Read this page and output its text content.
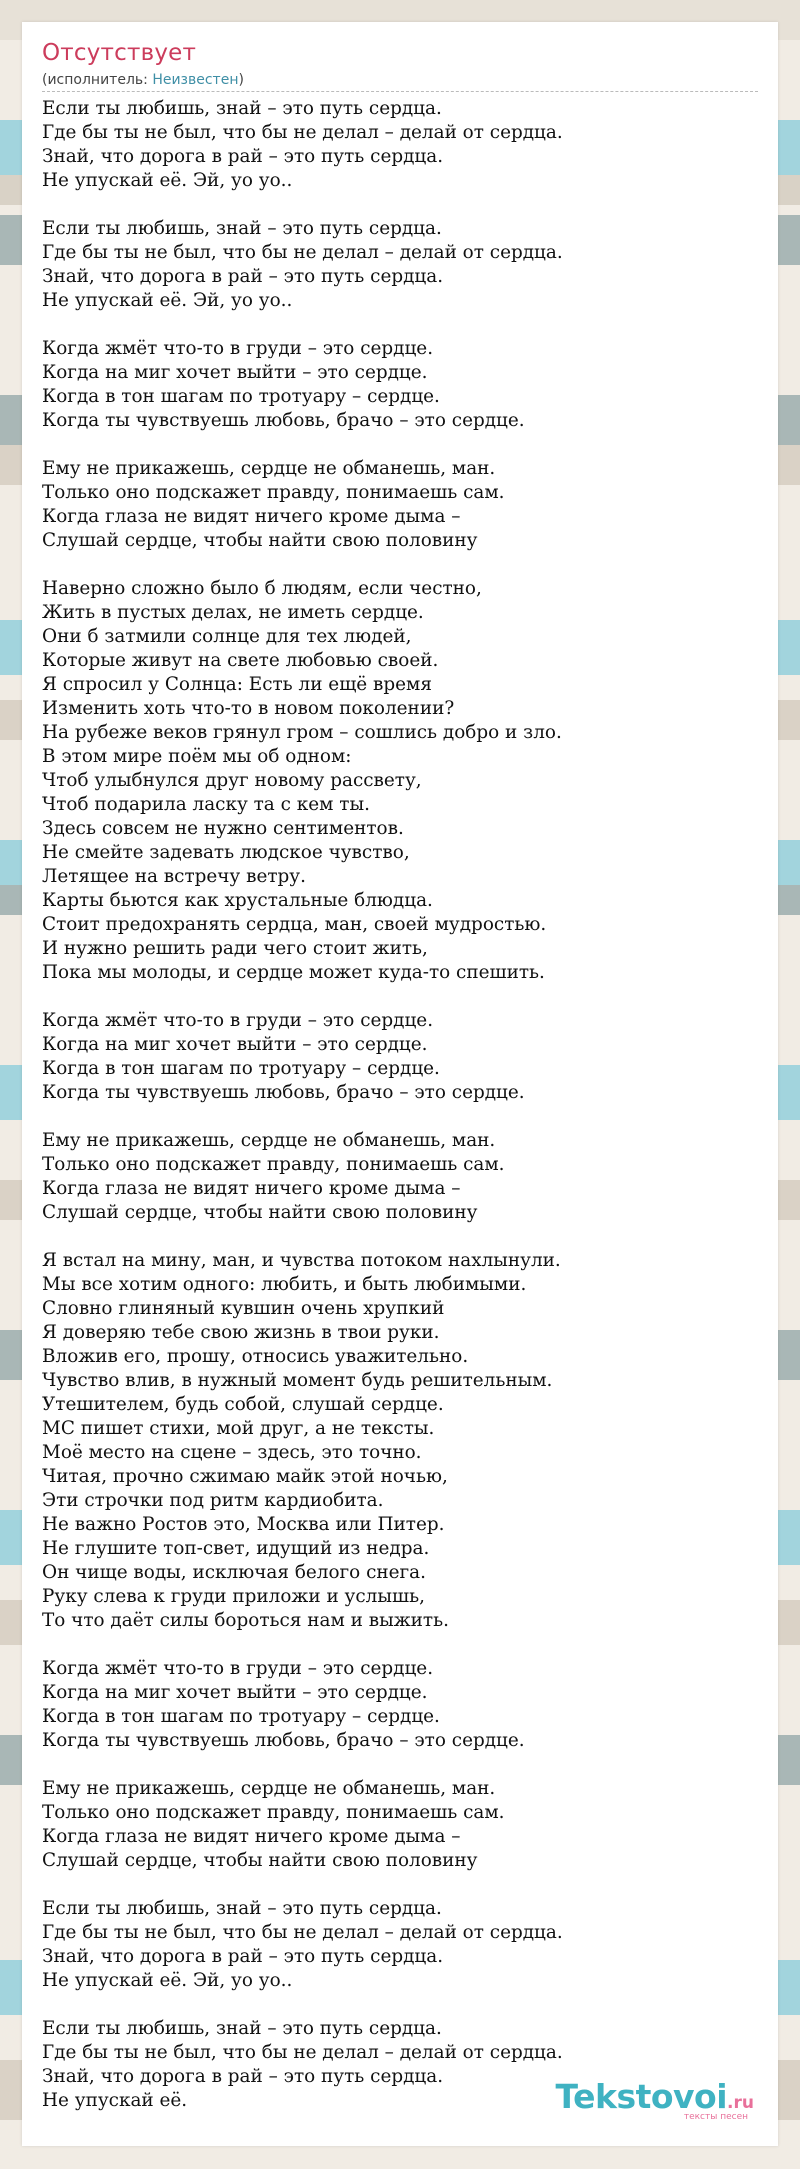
Отсутствует
(исполнитель: Неизвестен)
Если ты любишь, знай – это путь сердца.
Где бы ты не был, что бы не делал – делай от сердца.
Знай, что дорога в рай – это путь сердца.
Не упускай её. Эй, уо уо..

Если ты любишь, знай – это путь сердца.
Где бы ты не был, что бы не делал – делай от сердца.
Знай, что дорога в рай – это путь сердца.
Не упускай её. Эй, уо уо..

Когда жмёт что-то в груди – это сердце.
Когда на миг хочет выйти – это сердце.
Когда в тон шагам по тротуару – сердце.
Когда ты чувствуешь любовь, брачо – это сердце.

Ему не прикажешь, сердце не обманешь, ман.
Только оно подскажет правду, понимаешь сам.
Когда глаза не видят ничего кроме дыма –
Слушай сердце, чтобы найти свою половину

Наверно сложно было б людям, если честно,
Жить в пустых делах, не иметь сердце.
Они б затмили солнце для тех людей,
Которые живут на свете любовью своей.
Я спросил у Солнца: Есть ли ещё время
Изменить хоть что-то в новом поколении?
На рубеже веков грянул гром – сошлись добро и зло.
В этом мире поём мы об одном:
Чтоб улыбнулся друг новому рассвету,
Чтоб подарила ласку та с кем ты.
Здесь совсем не нужно сентиментов.
Не смейте задевать людское чувство,
Летящее на встречу ветру.
Карты бьются как хрустальные блюдца.
Стоит предохранять сердца, ман, своей мудростью.
И нужно решить ради чего стоит жить,
Пока мы молоды, и сердце может куда-то спешить.

Когда жмёт что-то в груди – это сердце.
Когда на миг хочет выйти – это сердце.
Когда в тон шагам по тротуару – сердце.
Когда ты чувствуешь любовь, брачо – это сердце.

Ему не прикажешь, сердце не обманешь, ман.
Только оно подскажет правду, понимаешь сам.
Когда глаза не видят ничего кроме дыма –
Слушай сердце, чтобы найти свою половину

Я встал на мину, ман, и чувства потоком нахлынули.
Мы все хотим одного: любить, и быть любимыми.
Словно глиняный кувшин очень хрупкий
Я доверяю тебе свою жизнь в твои руки.
Вложив его, прошу, относись уважительно.
Чувство влив, в нужный момент будь решительным.
Утешителем, будь собой, слушай сердце.
МС пишет стихи, мой друг, а не тексты.
Моё место на сцене – здесь, это точно.
Читая, прочно сжимаю майк этой ночью,
Эти строчки под ритм кардиобита.
Не важно Ростов это, Москва или Питер.
Не глушите топ-свет, идущий из недра.
Он чище воды, исключая белого снега.
Руку слева к груди приложи и услышь,
То что даёт силы бороться нам и выжить.

Когда жмёт что-то в груди – это сердце.
Когда на миг хочет выйти – это сердце.
Когда в тон шагам по тротуару – сердце.
Когда ты чувствуешь любовь, брачо – это сердце.

Ему не прикажешь, сердце не обманешь, ман.
Только оно подскажет правду, понимаешь сам.
Когда глаза не видят ничего кроме дыма –
Слушай сердце, чтобы найти свою половину

Если ты любишь, знай – это путь сердца.
Где бы ты не был, что бы не делал – делай от сердца.
Знай, что дорога в рай – это путь сердца.
Не упускай её. Эй, уо уо..

Если ты любишь, знай – это путь сердца.
Где бы ты не был, что бы не делал – делай от сердца.
Знай, что дорога в рай – это путь сердца.
Не упускай её.	Tekstovoi.ru
тексты песен
